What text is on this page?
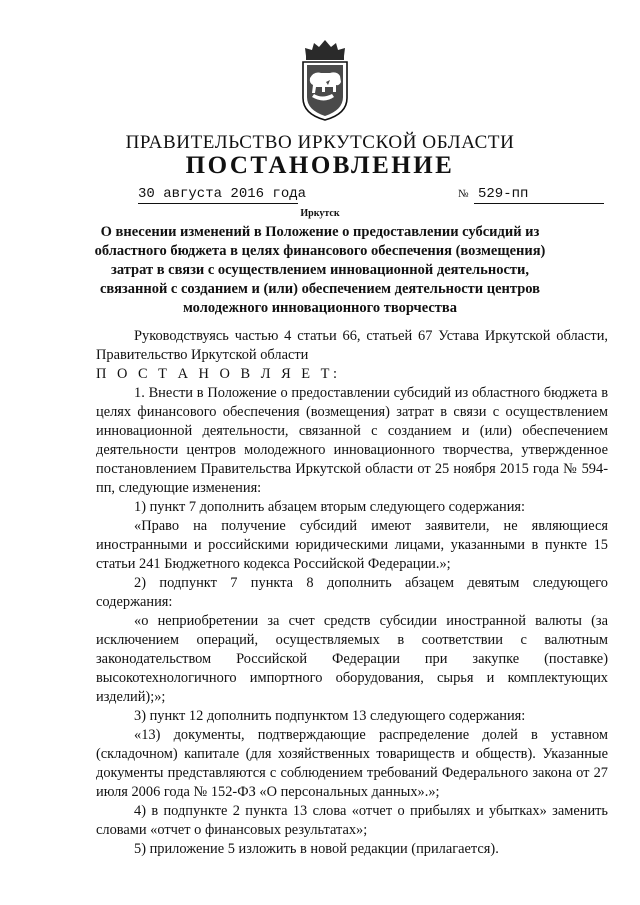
ПРАВИТЕЛЬСТВО ИРКУТСКОЙ ОБЛАСТИ
ПОСТАНОВЛЕНИЕ
30 августа 2016 года	№ 529-пп
Иркутск

О внесении изменений в Положение о предоставлении субсидий из областного бюджета в целях финансового обеспечения (возмещения) затрат в связи с осуществлением инновационной деятельности, связанной с созданием и (или) обеспечением деятельности центров молодежного инновационного творчества

Руководствуясь частью 4 статьи 66, статьей 67 Устава Иркутской области, Правительство Иркутской области

П О С Т А Н О В Л Я Е Т:

1. Внести в Положение о предоставлении субсидий из областного бюджета в целях финансового обеспечения (возмещения) затрат в связи с осуществлением инновационной деятельности, связанной с созданием и (или) обеспечением деятельности центров молодежного инновационного творчества, утвержденное постановлением Правительства Иркутской области от 25 ноября 2015 года № 594-пп, следующие изменения:

1) пункт 7 дополнить абзацем вторым следующего содержания:

«Право на получение субсидий имеют заявители, не являющиеся иностранными и российскими юридическими лицами, указанными в пункте 15 статьи 241 Бюджетного кодекса Российской Федерации.»;

2) подпункт 7 пункта 8 дополнить абзацем девятым следующего содержания:

«о неприобретении за счет средств субсидии иностранной валюты (за исключением операций, осуществляемых в соответствии с валютным законодательством Российской Федерации при закупке (поставке) высокотехнологичного импортного оборудования, сырья и комплектующих изделий);»;

3) пункт 12 дополнить подпунктом 13 следующего содержания:

«13) документы, подтверждающие распределение долей в уставном (складочном) капитале (для хозяйственных товариществ и обществ). Указанные документы представляются с соблюдением требований Федерального закона от 27 июля 2006 года № 152-ФЗ «О персональных данных».»;

4) в подпункте 2 пункта 13 слова «отчет о прибылях и убытках» заменить словами «отчет о финансовых результатах»;

5) приложение 5 изложить в новой редакции (прилагается).
